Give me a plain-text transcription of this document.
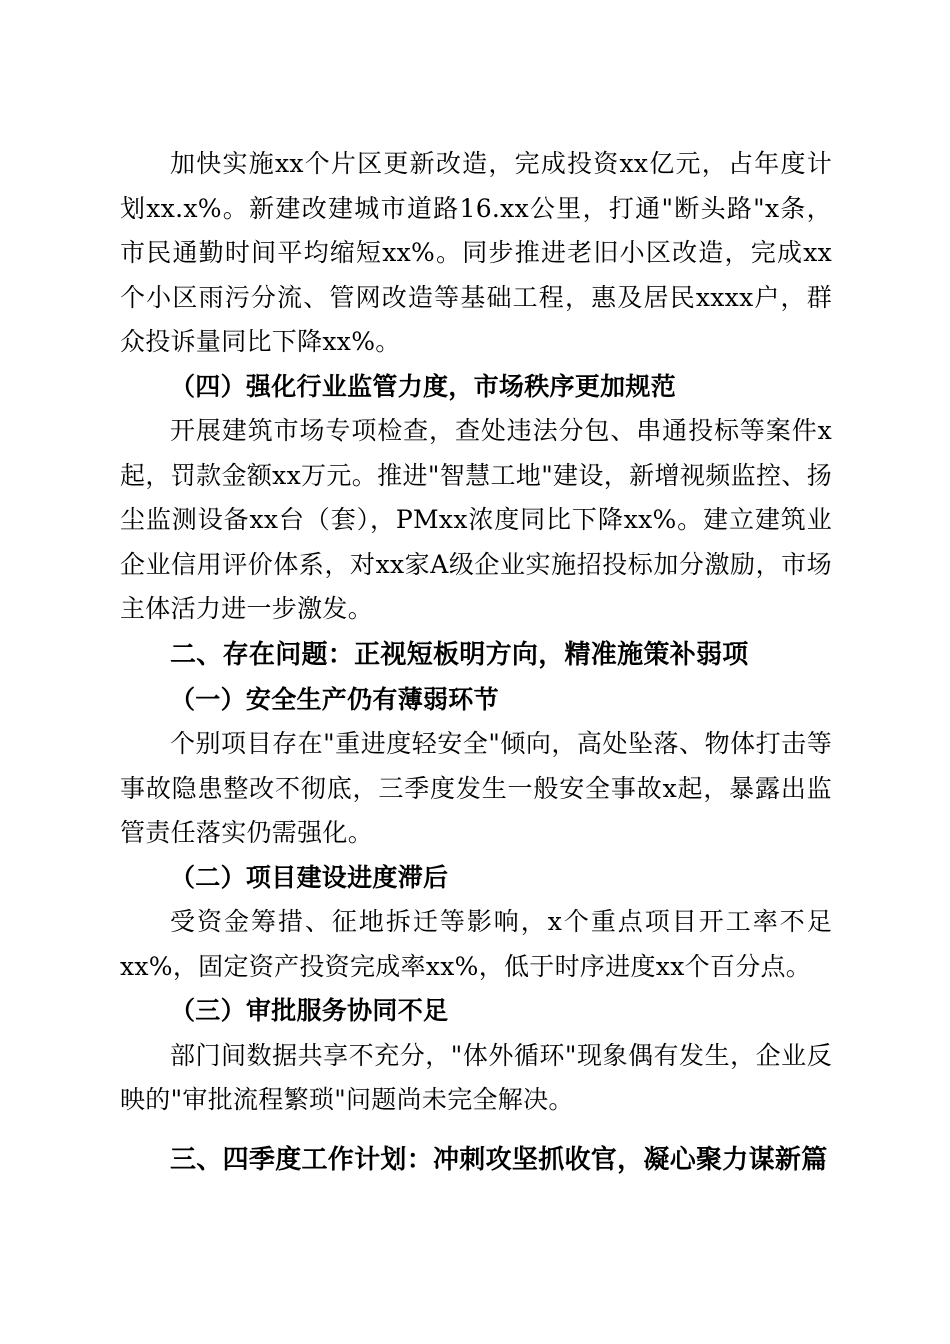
加快实施xx个片区更新改造，完成投资xx亿元，占年度计划xx.x%。新建改建城市道路16.xx公里，打通"断头路"x条，市民通勤时间平均缩短xx%。同步推进老旧小区改造，完成xx个小区雨污分流、管网改造等基础工程，惠及居民xxxx户，群众投诉量同比下降xx%。

（四）强化行业监管力度，市场秩序更加规范

开展建筑市场专项检查，查处违法分包、串通投标等案件x起，罚款金额xx万元。推进"智慧工地"建设，新增视频监控、扬尘监测设备xx台（套），PMxx浓度同比下降xx%。建立建筑业企业信用评价体系，对xx家A级企业实施招投标加分激励，市场主体活力进一步激发。

二、存在问题：正视短板明方向，精准施策补弱项

（一）安全生产仍有薄弱环节

个别项目存在"重进度轻安全"倾向，高处坠落、物体打击等事故隐患整改不彻底，三季度发生一般安全事故x起，暴露出监管责任落实仍需强化。

（二）项目建设进度滞后

受资金筹措、征地拆迁等影响，x个重点项目开工率不足xx%，固定资产投资完成率xx%，低于时序进度xx个百分点。

（三）审批服务协同不足

部门间数据共享不充分，"体外循环"现象偶有发生，企业反映的"审批流程繁琐"问题尚未完全解决。

三、四季度工作计划：冲刺攻坚抓收官，凝心聚力谋新篇
